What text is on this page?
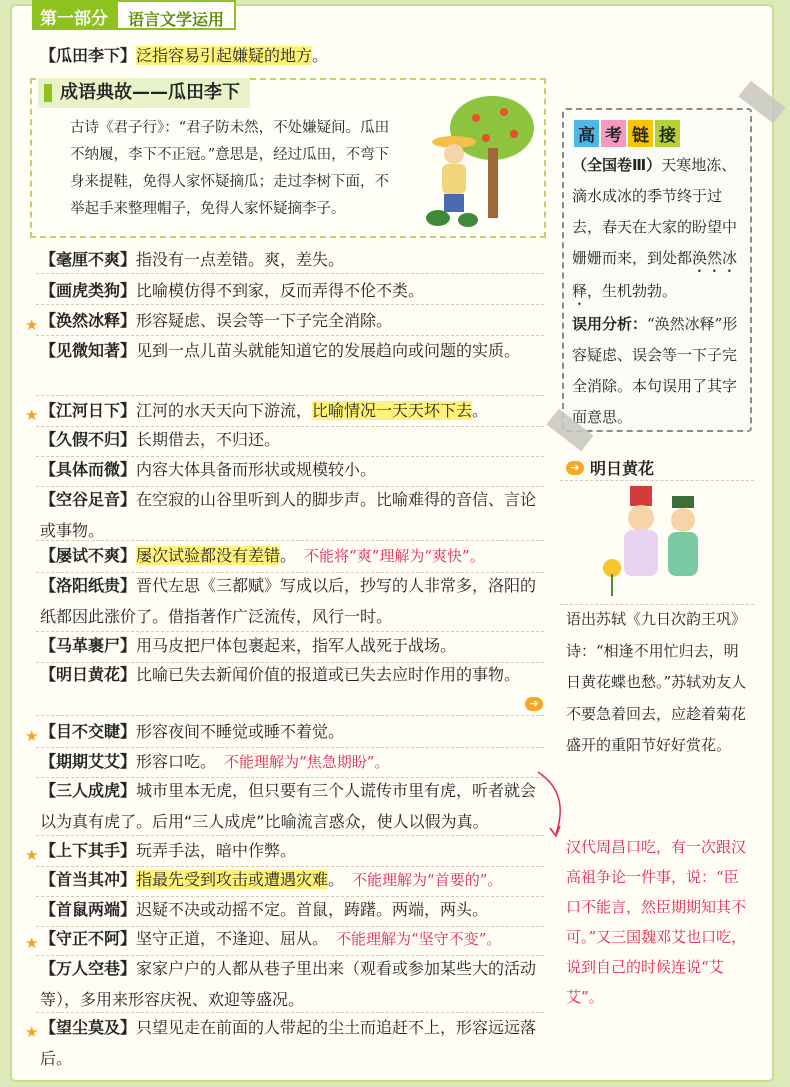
第一部分	语言文学运用
【瓜田李下】泛指容易引起嫌疑的地方。
成语典故——瓜田李下
古诗《君子行》：“君子防未然，不处嫌疑间。瓜田不纳履，李下不正冠。”意思是，经过瓜田，不弯下身来提鞋，免得人家怀疑摘瓜；走过李树下面，不举起手来整理帽子，免得人家怀疑摘李子。
【毫厘不爽】指没有一点差错。爽，差失。
【画虎类狗】比喻模仿得不到家，反而弄得不伦不类。
★ 【涣然冰释】形容疑虑、误会等一下子完全消除。
【见微知著】见到一点儿苗头就能知道它的发展趋向或问题的实质。
★ 【江河日下】江河的水天天向下游流，比喻情况一天天坏下去。
【久假不归】长期借去，不归还。
【具体而微】内容大体具备而形状或规模较小。
【空谷足音】在空寂的山谷里听到人的脚步声。比喻难得的音信、言论或事物。
【屡试不爽】屡次试验都没有差错。 不能将“爽”理解为“爽快”。
【洛阳纸贵】晋代左思《三都赋》写成以后，抄写的人非常多，洛阳的纸都因此涨价了。借指著作广泛流传，风行一时。
【马革裹尸】用马皮把尸体包裹起来，指军人战死于战场。
【明日黄花】比喻已失去新闻价值的报道或已失去应时作用的事物。
➜
★ 【目不交睫】形容夜间不睡觉或睡不着觉。
【期期艾艾】形容口吃。 不能理解为“焦急期盼”。
【三人成虎】城市里本无虎，但只要有三个人谎传市里有虎，听者就会以为真有虎了。后用“三人成虎”比喻流言惑众，使人以假为真。
★ 【上下其手】玩弄手法，暗中作弊。
【首当其冲】指最先受到攻击或遭遇灾难。 不能理解为“首要的”。
【首鼠两端】迟疑不决或动摇不定。首鼠，踌躇。两端，两头。
★ 【守正不阿】坚守正道，不逢迎、屈从。 不能理解为“坚守不变”。
【万人空巷】家家户户的人都从巷子里出来（观看或参加某些大的活动等），多用来形容庆祝、欢迎等盛况。
★ 【望尘莫及】只望见走在前面的人带起的尘土而追赶不上，形容远远落后。
高 考 链 接
（全国卷Ⅲ）天寒地冻、滴水成冰的季节终于过去，春天在大家的盼望中姗姗而来，到处都涣然冰释，生机勃勃。
误用分析：“涣然冰释”形容疑虑、误会等一下子完全消除。本句误用了其字面意思。
➜ 明日黄花
语出苏轼《九日次韵王巩》诗：“相逢不用忙归去，明日黄花蝶也愁。”苏轼劝友人不要急着回去，应趁着菊花盛开的重阳节好好赏花。
汉代周昌口吃，有一次跟汉高祖争论一件事，说：“臣口不能言，然臣期期知其不可。”又三国魏邓艾也口吃，说到自己的时候连说“艾艾”。
